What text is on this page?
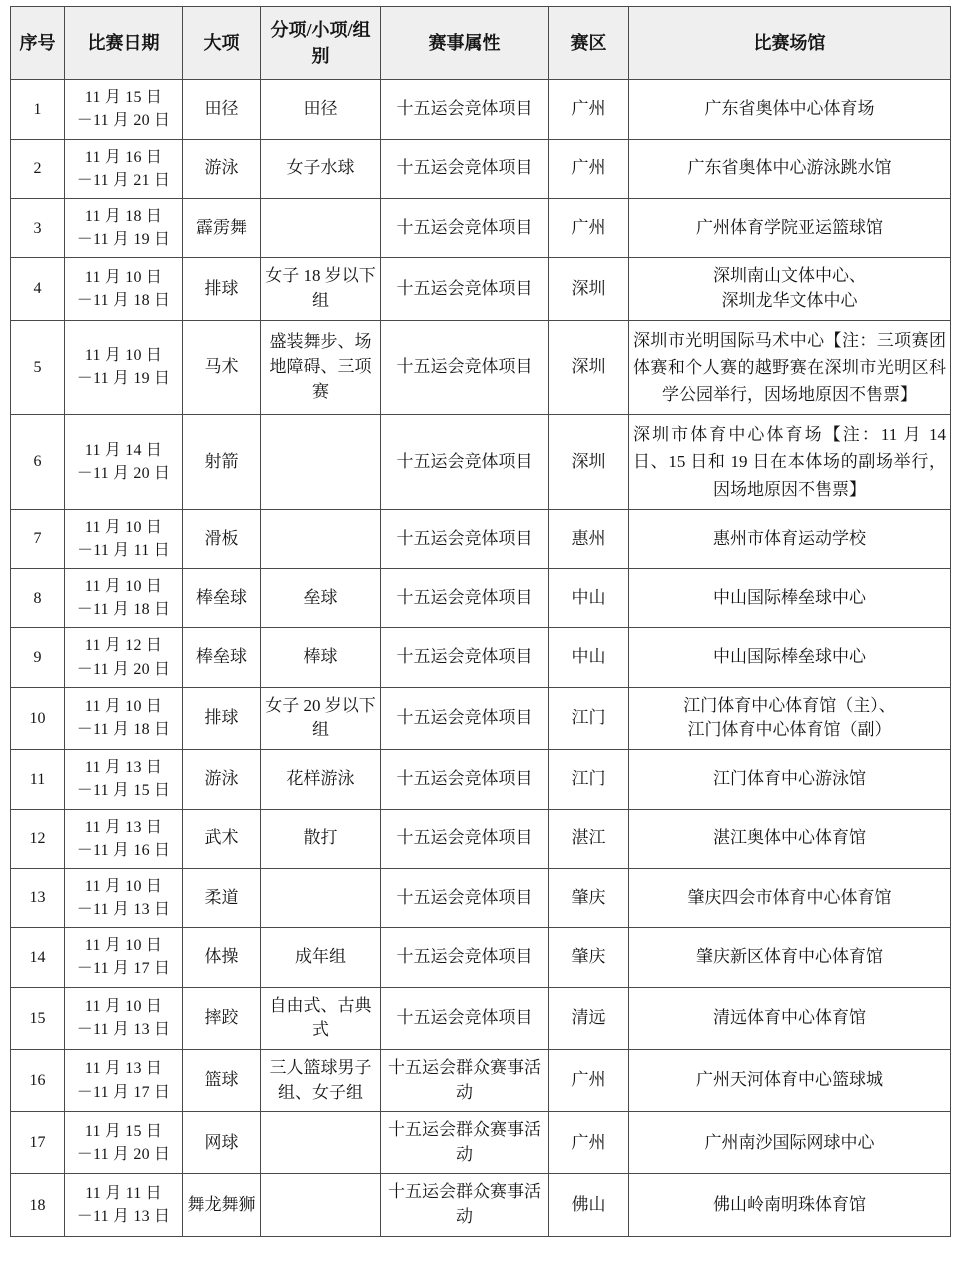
序号	比赛日期	大项	分项/小项/组别	赛事属性	赛区	比赛场馆
1	11 月 15 日
－11 月 20 日	田径	田径	十五运会竞体项目	广州	广东省奥体中心体育场
2	11 月 16 日
－11 月 21 日	游泳	女子水球	十五运会竞体项目	广州	广东省奥体中心游泳跳水馆
3	11 月 18 日
－11 月 19 日	霹雳舞		十五运会竞体项目	广州	广州体育学院亚运篮球馆
4	11 月 10 日
－11 月 18 日	排球	女子 18 岁以下组	十五运会竞体项目	深圳	深圳南山文体中心、
深圳龙华文体中心
5	11 月 10 日
－11 月 19 日	马术	盛装舞步、场地障碍、三项赛	十五运会竞体项目	深圳	深圳市光明国际马术中心【注：三项赛团体赛和个人赛的越野赛在深圳市光明区科学公园举行，因场地原因不售票】
6	11 月 14 日
－11 月 20 日	射箭		十五运会竞体项目	深圳	深圳市体育中心体育场【注：11 月 14 日、15 日和 19 日在本体场的副场举行，因场地原因不售票】
7	11 月 10 日
－11 月 11 日	滑板		十五运会竞体项目	惠州	惠州市体育运动学校
8	11 月 10 日
－11 月 18 日	棒垒球	垒球	十五运会竞体项目	中山	中山国际棒垒球中心
9	11 月 12 日
－11 月 20 日	棒垒球	棒球	十五运会竞体项目	中山	中山国际棒垒球中心
10	11 月 10 日
－11 月 18 日	排球	女子 20 岁以下组	十五运会竞体项目	江门	江门体育中心体育馆（主）、
江门体育中心体育馆（副）
11	11 月 13 日
－11 月 15 日	游泳	花样游泳	十五运会竞体项目	江门	江门体育中心游泳馆
12	11 月 13 日
－11 月 16 日	武术	散打	十五运会竞体项目	湛江	湛江奥体中心体育馆
13	11 月 10 日
－11 月 13 日	柔道		十五运会竞体项目	肇庆	肇庆四会市体育中心体育馆
14	11 月 10 日
－11 月 17 日	体操	成年组	十五运会竞体项目	肇庆	肇庆新区体育中心体育馆
15	11 月 10 日
－11 月 13 日	摔跤	自由式、古典式	十五运会竞体项目	清远	清远体育中心体育馆
16	11 月 13 日
－11 月 17 日	篮球	三人篮球男子组、女子组	十五运会群众赛事活动	广州	广州天河体育中心篮球城
17	11 月 15 日
－11 月 20 日	网球		十五运会群众赛事活动	广州	广州南沙国际网球中心
18	11 月 11 日
－11 月 13 日	舞龙舞狮		十五运会群众赛事活动	佛山	佛山岭南明珠体育馆
